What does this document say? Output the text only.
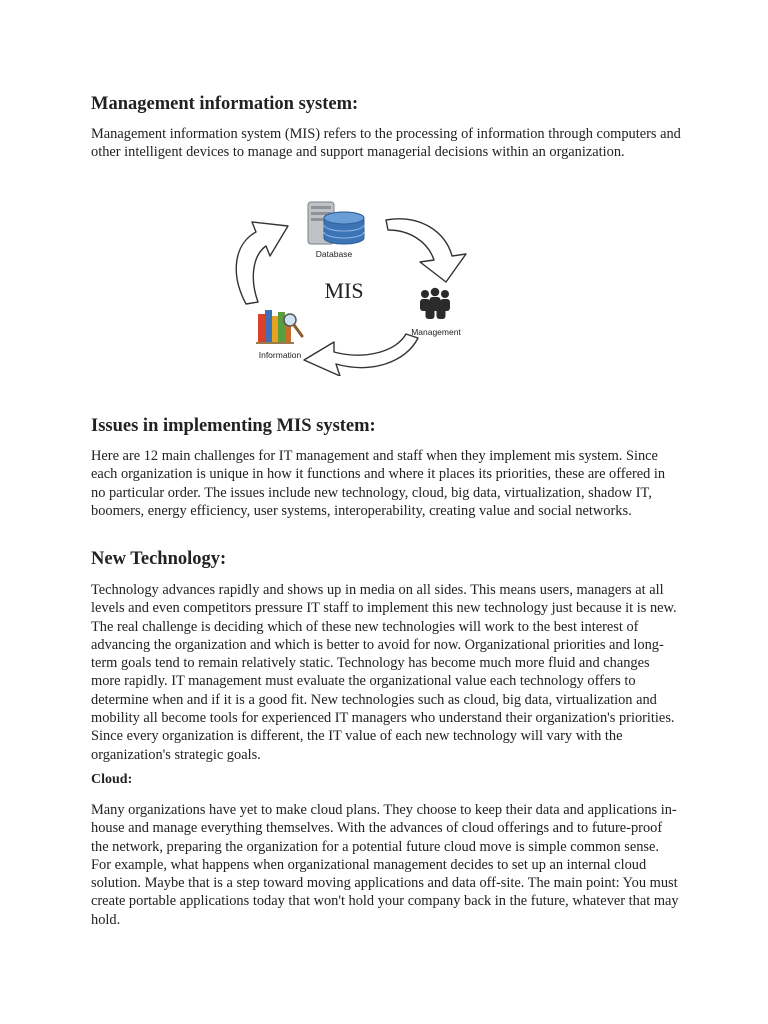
Management information system:

Management information system (MIS) refers to the processing of information through computers and other intelligent devices to manage and support managerial decisions within an organization.

Database
MIS
Management
Information
Issues in implementing MIS system:

Here are 12 main challenges for IT management and staff when they implement mis system. Since each organization is unique in how it functions and where it places its priorities, these are offered in no particular order. The issues include new technology, cloud, big data, virtualization, shadow IT, boomers, energy efficiency, user systems, interoperability, creating value and social networks.

New Technology:

Technology advances rapidly and shows up in media on all sides. This means users, managers at all levels and even competitors pressure IT staff to implement this new technology just because it is new. The real challenge is deciding which of these new technologies will work to the best interest of advancing the organization and which is better to avoid for now. Organizational priorities and long-term goals tend to remain relatively static. Technology has become much more fluid and changes more rapidly. IT management must evaluate the organizational value each technology offers to determine when and if it is a good fit. New technologies such as cloud, big data, virtualization and mobility all become tools for experienced IT managers who understand their organization's priorities. Since every organization is different, the IT value of each new technology will vary with the organization's strategic goals.

Cloud:

Many organizations have yet to make cloud plans. They choose to keep their data and applications in-house and manage everything themselves. With the advances of cloud offerings and to future-proof the network, preparing the organization for a potential future cloud move is simple common sense. For example, what happens when organizational management decides to set up an internal cloud solution. Maybe that is a step toward moving applications and data off-site. The main point: You must create portable applications today that won't hold your company back in the future, whatever that may hold.
